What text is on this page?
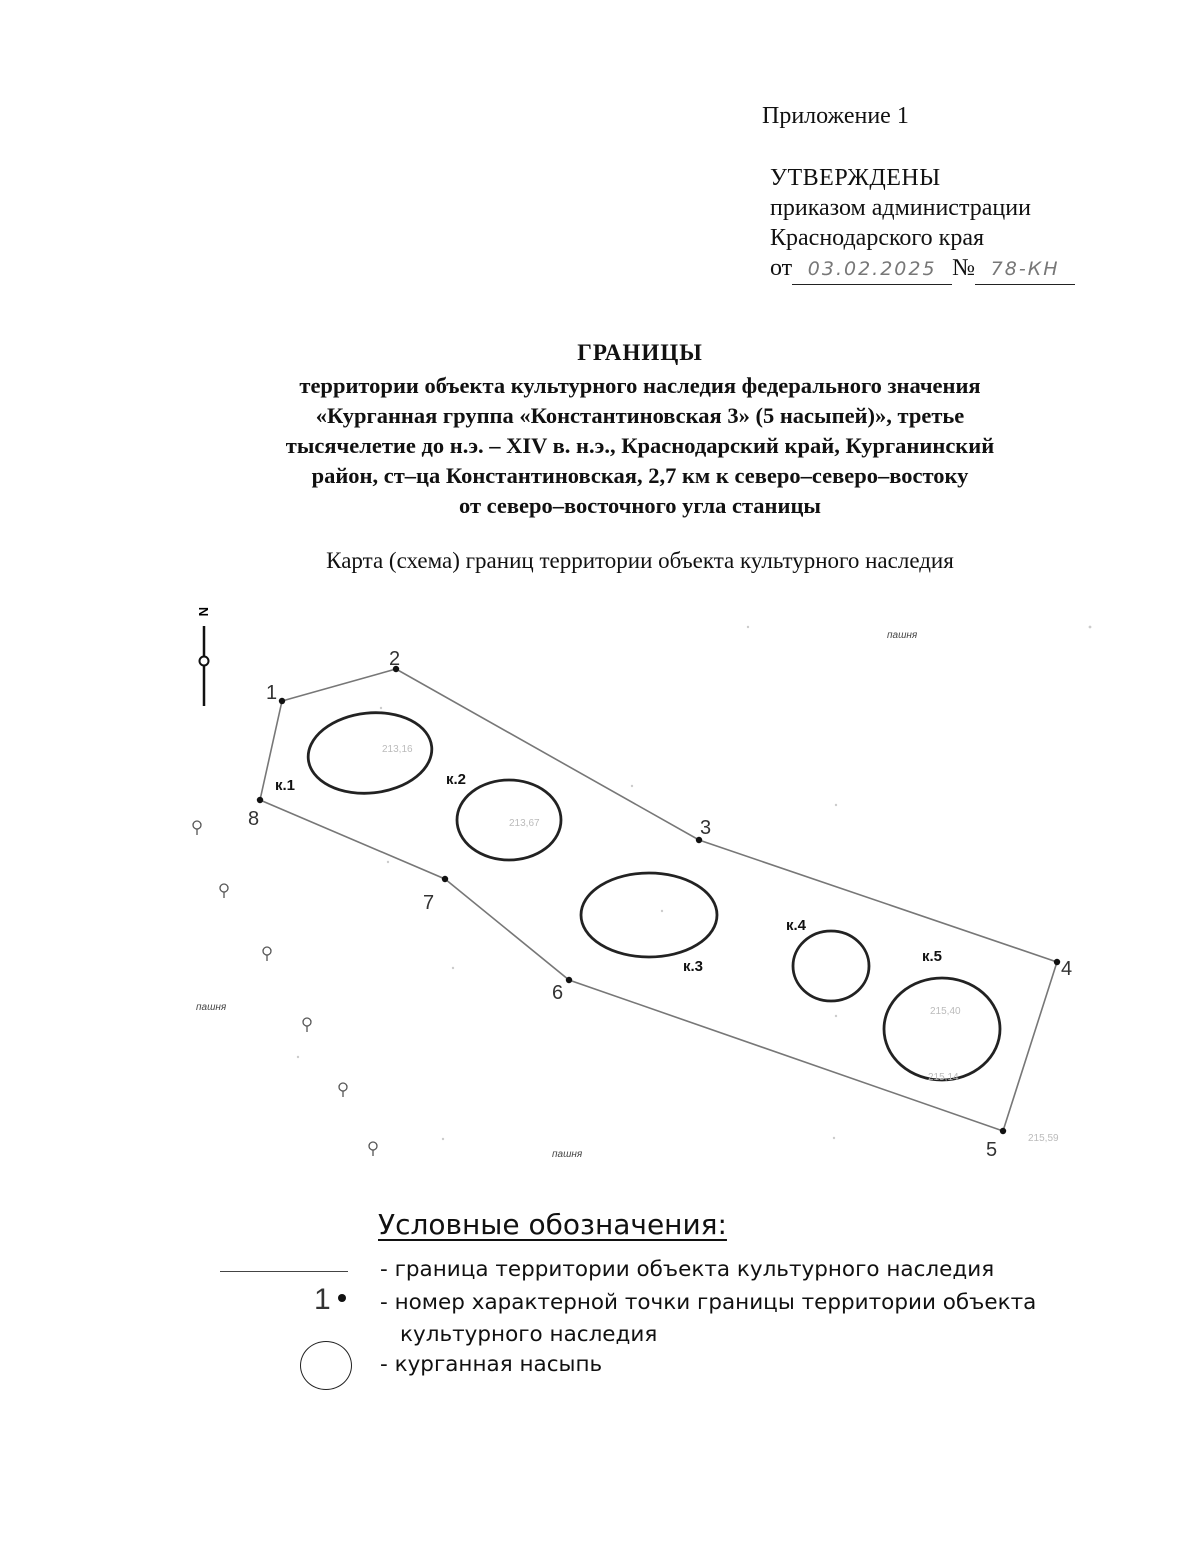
Приложение 1
УТВЕРЖДЕНЫ
приказом администрации
Краснодарского края
от 03.02.2025 № 78-КН
ГРАНИЦЫ
территории объекта культурного наследия федерального значения
«Курганная группа «Константиновская 3» (5 насыпей)», третье
тысячелетие до н.э. – XIV в. н.э., Краснодарский край, Курганинский
район, ст–ца Константиновская, 2,7 км к северо–северо–востоку
от северо–восточного угла станицы
Карта (схема) границ территории объекта культурного наследия
N
1
2
3
4
5
6
7
8
к.1	к.2
к.3
к.4
к.5
213,16
213,67
215,40
215,14
215,59
пашня
пашня
пашня
Условные обозначения:
- граница территории объекта культурного наследия
1 - номер характерной точки границы территории объекта
культурного наследия
- курганная насыпь
